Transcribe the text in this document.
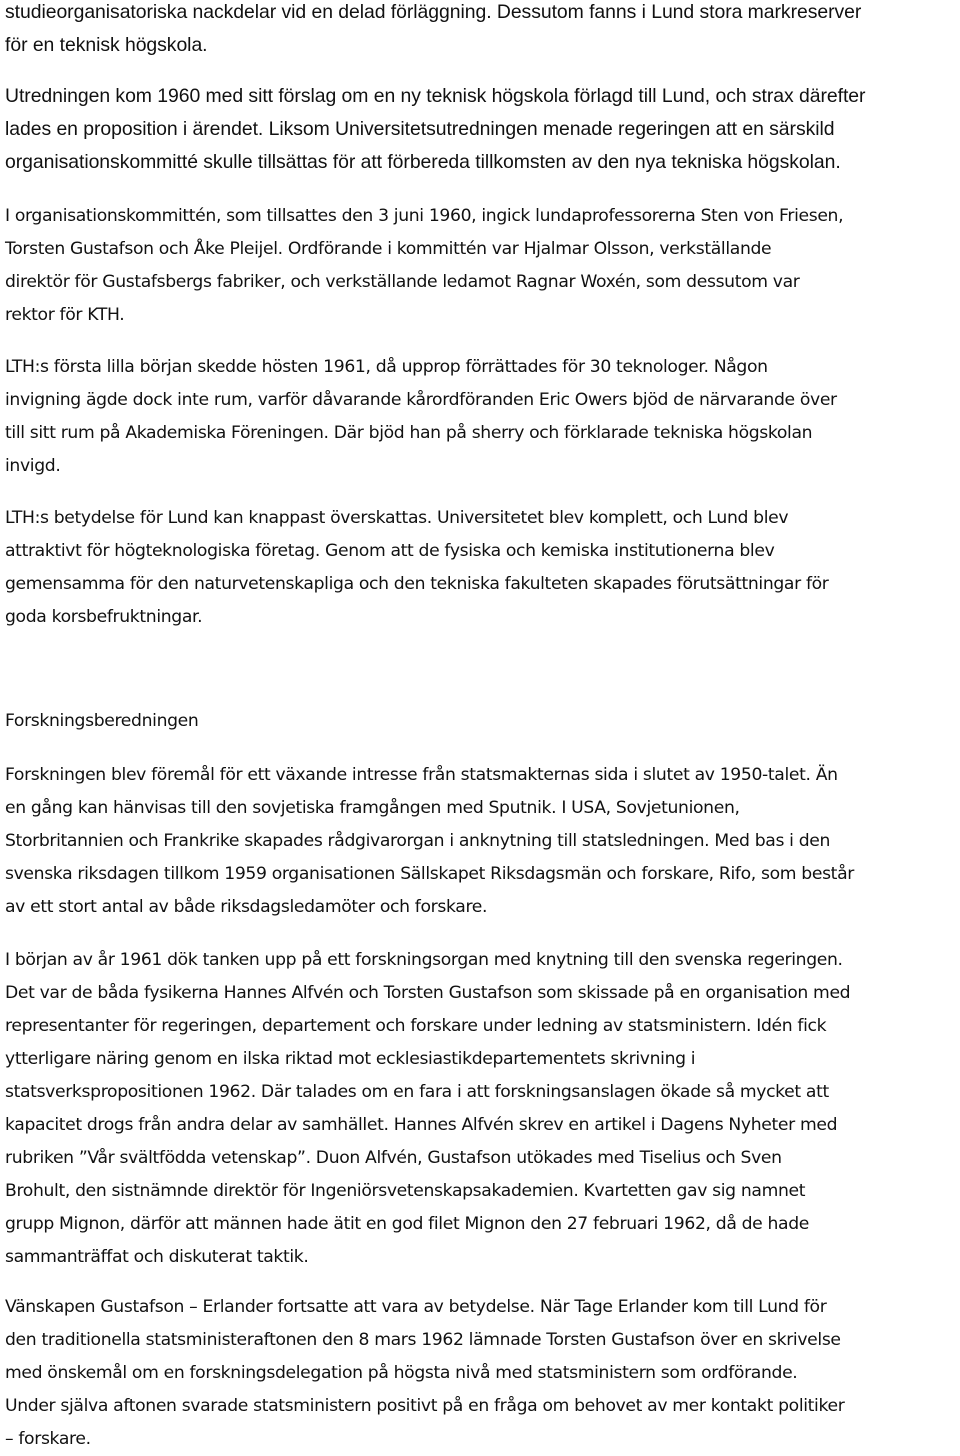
studieorganisatoriska nackdelar vid en delad förläggning. Dessutom fanns i Lund stora markreserver
för en teknisk högskola.
Utredningen kom 1960 med sitt förslag om en ny teknisk högskola förlagd till Lund, och strax därefter
lades en proposition i ärendet. Liksom Universitetsutredningen menade regeringen att en särskild
organisationskommitté skulle tillsättas för att förbereda tillkomsten av den nya tekniska högskolan.
I organisationskommittén, som tillsattes den 3 juni 1960, ingick lundaprofessorerna Sten von Friesen,
Torsten Gustafson och Åke Pleijel. Ordförande i kommittén var Hjalmar Olsson, verkställande
direktör för Gustafsbergs fabriker, och verkställande ledamot Ragnar Woxén, som dessutom var
rektor för KTH.
LTH:s första lilla början skedde hösten 1961, då upprop förrättades för 30 teknologer. Någon
invigning ägde dock inte rum, varför dåvarande kårordföranden Eric Owers bjöd de närvarande över
till sitt rum på Akademiska Föreningen. Där bjöd han på sherry och förklarade tekniska högskolan
invigd.
LTH:s betydelse för Lund kan knappast överskattas. Universitetet blev komplett, och Lund blev
attraktivt för högteknologiska företag. Genom att de fysiska och kemiska institutionerna blev
gemensamma för den naturvetenskapliga och den tekniska fakulteten skapades förutsättningar för
goda korsbefruktningar.
Forskningsberedningen
Forskningen blev föremål för ett växande intresse från statsmakternas sida i slutet av 1950-talet. Än
en gång kan hänvisas till den sovjetiska framgången med Sputnik. I USA, Sovjetunionen,
Storbritannien och Frankrike skapades rådgivarorgan i anknytning till statsledningen. Med bas i den
svenska riksdagen tillkom 1959 organisationen Sällskapet Riksdagsmän och forskare, Rifo, som består
av ett stort antal av både riksdagsledamöter och forskare.
I början av år 1961 dök tanken upp på ett forskningsorgan med knytning till den svenska regeringen.
Det var de båda fysikerna Hannes Alfvén och Torsten Gustafson som skissade på en organisation med
representanter för regeringen, departement och forskare under ledning av statsministern. Idén fick
ytterligare näring genom en ilska riktad mot ecklesiastikdepartementets skrivning i
statsverkspropositionen 1962. Där talades om en fara i att forskningsanslagen ökade så mycket att
kapacitet drogs från andra delar av samhället. Hannes Alfvén skrev en artikel i Dagens Nyheter med
rubriken ”Vår svältfödda vetenskap”. Duon Alfvén, Gustafson utökades med Tiselius och Sven
Brohult, den sistnämnde direktör för Ingeniörsvetenskapsakademien. Kvartetten gav sig namnet
grupp Mignon, därför att männen hade ätit en god filet Mignon den 27 februari 1962, då de hade
sammanträffat och diskuterat taktik.
Vänskapen Gustafson – Erlander fortsatte att vara av betydelse. När Tage Erlander kom till Lund för
den traditionella statsministeraftonen den 8 mars 1962 lämnade Torsten Gustafson över en skrivelse
med önskemål om en forskningsdelegation på högsta nivå med statsministern som ordförande.
Under själva aftonen svarade statsministern positivt på en fråga om behovet av mer kontakt politiker
– forskare.
